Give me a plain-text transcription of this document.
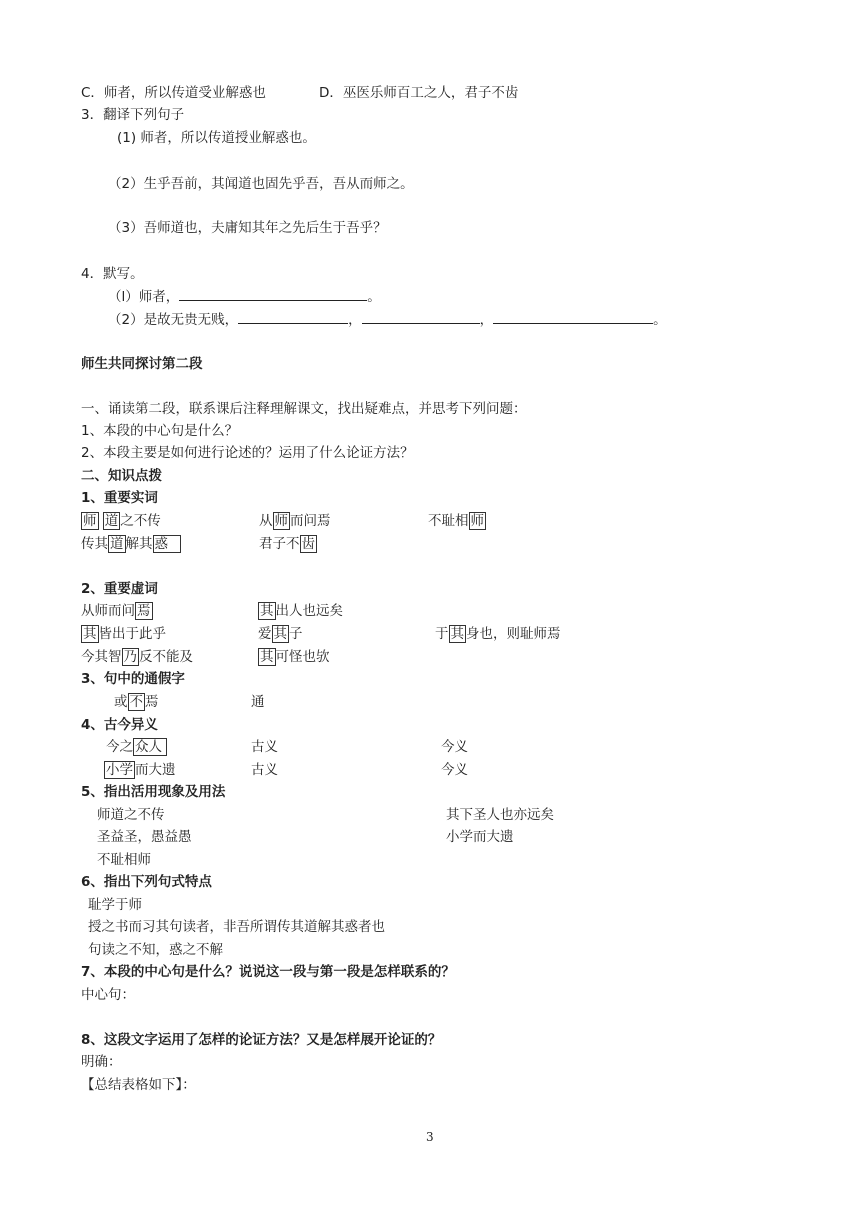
C．师者，所以传道受业解惑也	D．巫医乐师百工之人，君子不齿
3．翻译下列句子
(1) 师者，所以传道授业解惑也。
（2）生乎吾前，其闻道也固先乎吾，吾从而师之。
（3）吾师道也，夫庸知其年之先后生于吾乎？
4．默写。
（l）师者，	。
（2）是故无贵无贱，	，	，	。
师生共同探讨第二段
一、诵读第二段，联系课后注释理解课文，找出疑难点，并思考下列问题：
1、本段的中心句是什么？
2、本段主要是如何进行论述的？运用了什么论证方法？
二、知识点拨
1、重要实词
师 道 之不传	从 师 而问焉	不耻相 师
传其 道 解其 惑	君子不 齿
2、重要虚词
从师而问 焉	其 出人也远矣
其 皆出于此乎	爱 其 子	于 其 身也，则耻师焉
今其智 乃 反不能及	其 可怪也欤
3、句中的通假字
或 不 焉	通
4、古今异义
今之 众人	古义	今义
小学 而大遗	古义	今义
5、指出活用现象及用法
师道之不传	其下圣人也亦远矣
圣益圣，愚益愚	小学而大遗
不耻相师
6、指出下列句式特点
耻学于师
授之书而习其句读者，非吾所谓传其道解其惑者也
句读之不知，惑之不解
7、本段的中心句是什么？说说这一段与第一段是怎样联系的？
中心句：
8、这段文字运用了怎样的论证方法？又是怎样展开论证的？
明确：
【总结表格如下】：
3
